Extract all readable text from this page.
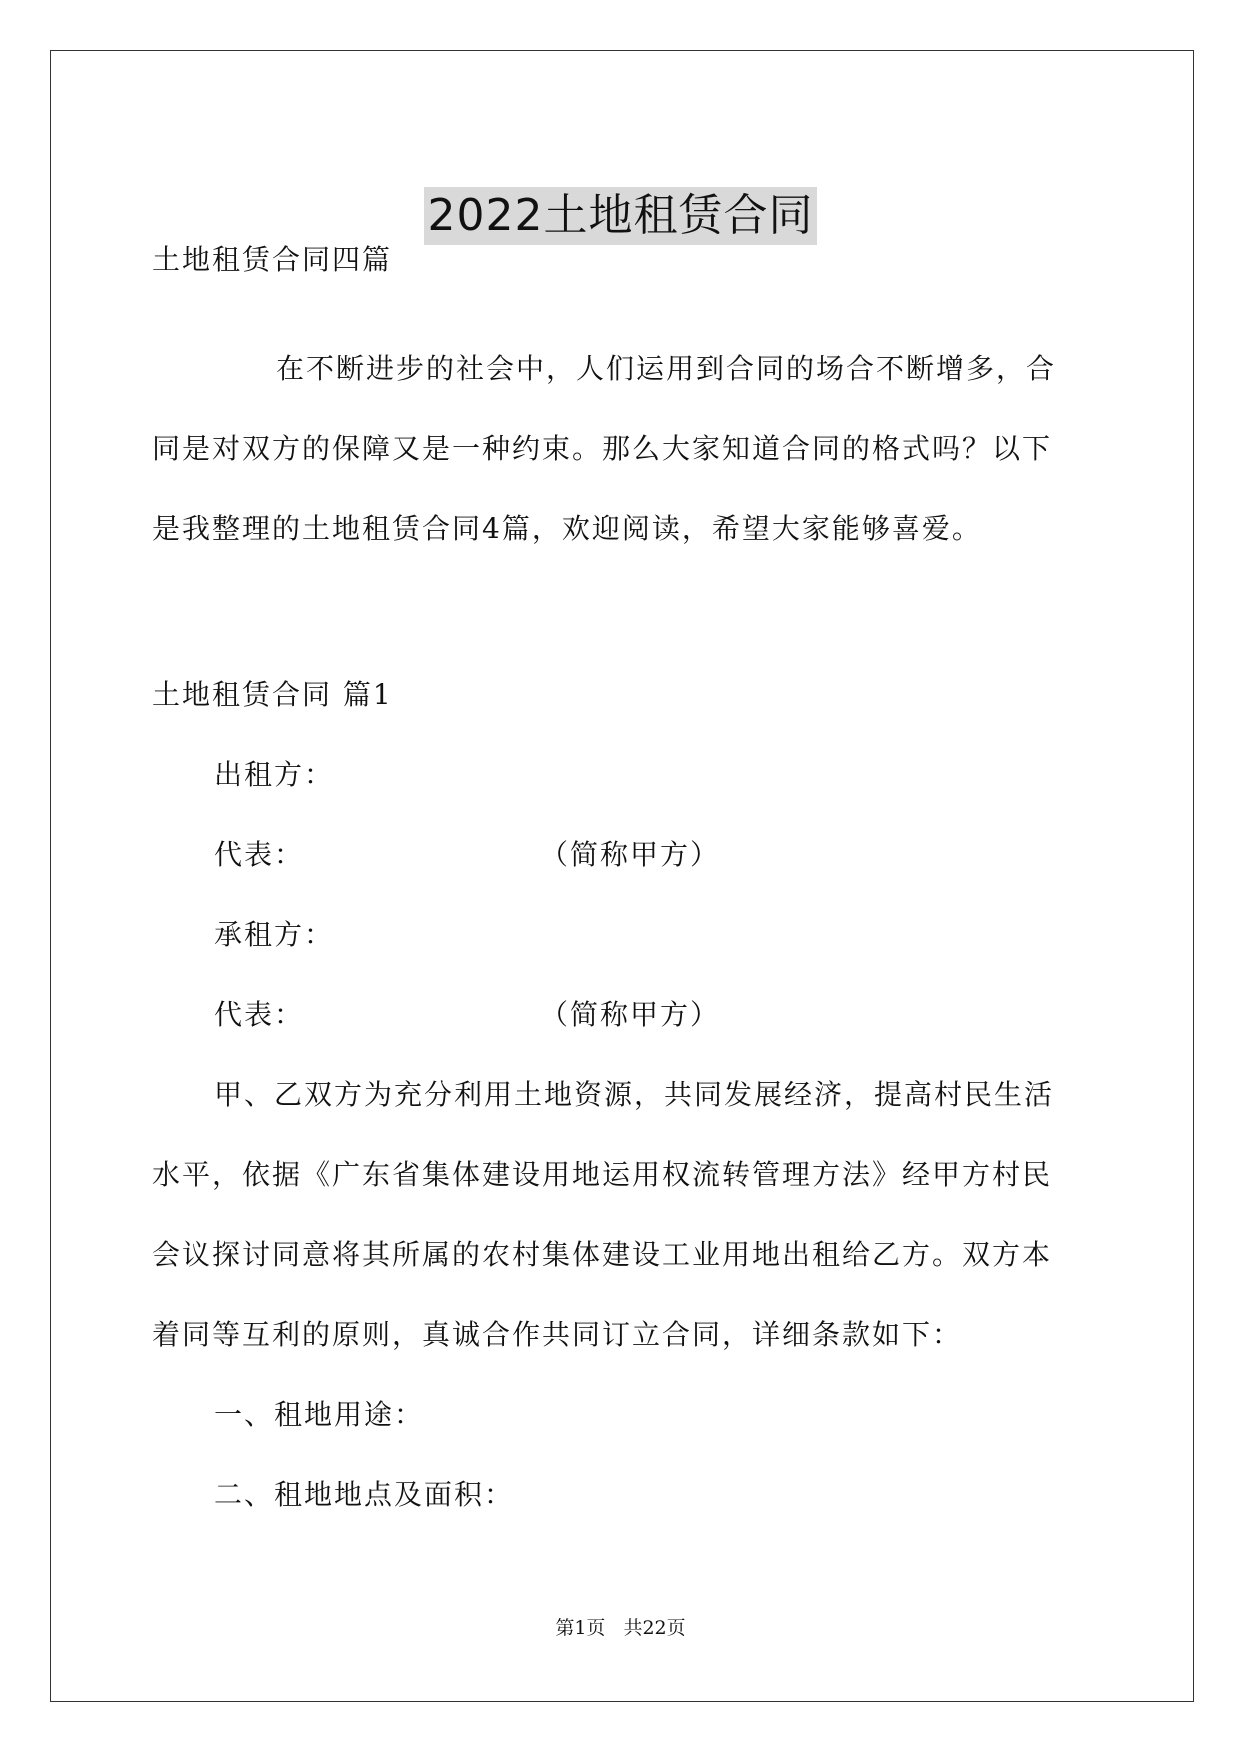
2022土地租赁合同
土地租赁合同四篇
在不断进步的社会中，人们运用到合同的场合不断增多，合
同是对双方的保障又是一种约束。那么大家知道合同的格式吗？以下
是我整理的土地租赁合同4篇，欢迎阅读，希望大家能够喜爱。
土地租赁合同 篇1
出租方：
代表：	（简称甲方）
承租方：
代表：	（简称甲方）
甲、乙双方为充分利用土地资源，共同发展经济，提高村民生活
水平，依据《广东省集体建设用地运用权流转管理方法》经甲方村民
会议探讨同意将其所属的农村集体建设工业用地出租给乙方。双方本
着同等互利的原则，真诚合作共同订立合同，详细条款如下：
一、租地用途：
二、租地地点及面积：
第1页 共22页
